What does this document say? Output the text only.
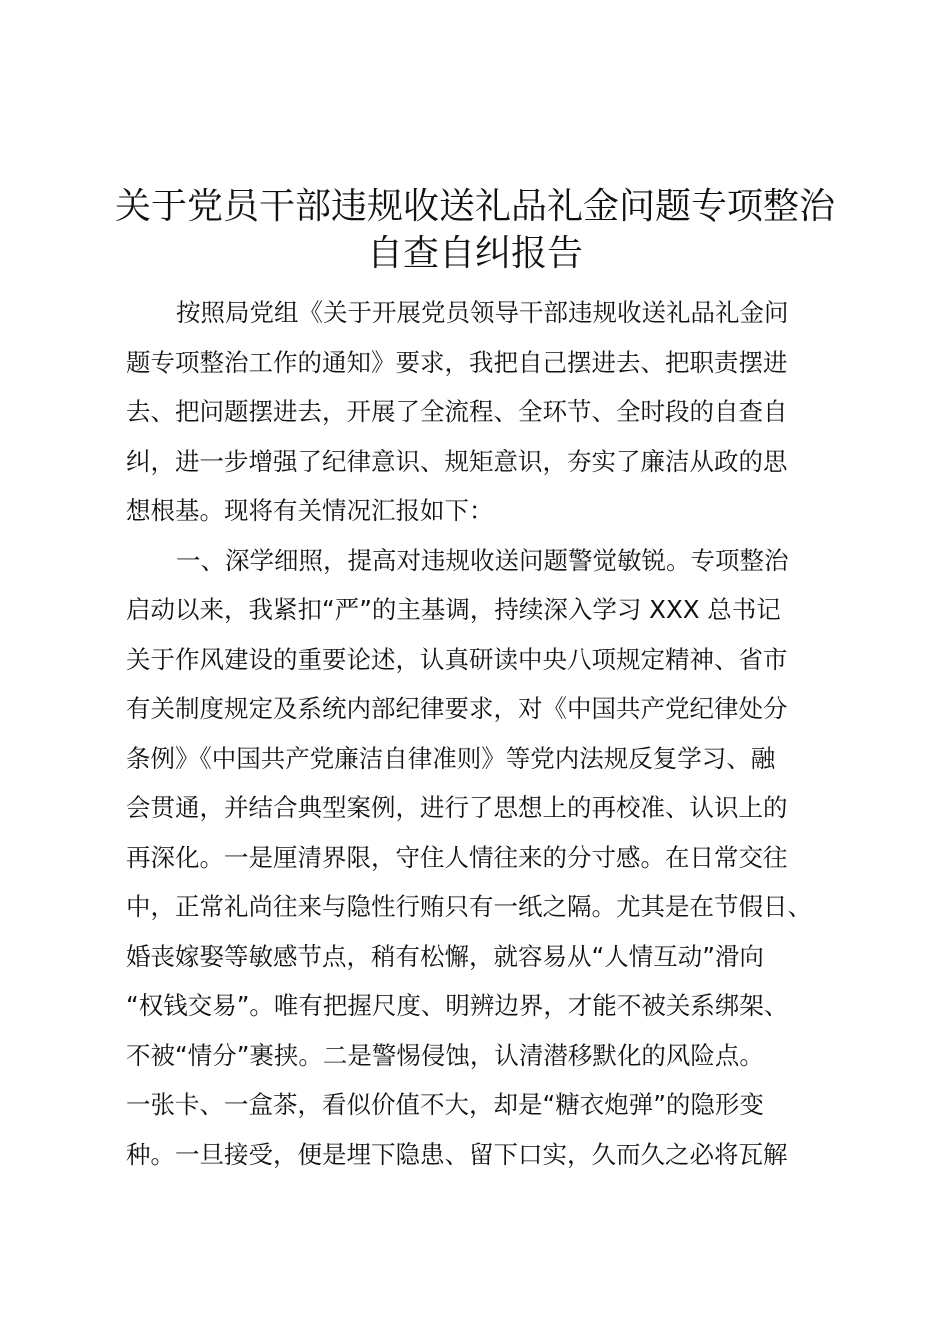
关于党员干部违规收送礼品礼金问题专项整治
自查自纠报告
按照局党组《关于开展党员领导干部违规收送礼品礼金问
题专项整治工作的通知》要求，我把自己摆进去、把职责摆进
去、把问题摆进去，开展了全流程、全环节、全时段的自查自
纠，进一步增强了纪律意识、规矩意识，夯实了廉洁从政的思
想根基。现将有关情况汇报如下：
一、深学细照，提高对违规收送问题警觉敏锐。专项整治
启动以来，我紧扣“严”的主基调，持续深入学习 XXX 总书记
关于作风建设的重要论述，认真研读中央八项规定精神、省市
有关制度规定及系统内部纪律要求，对《中国共产党纪律处分
条例》《中国共产党廉洁自律准则》等党内法规反复学习、融
会贯通，并结合典型案例，进行了思想上的再校准、认识上的
再深化。一是厘清界限，守住人情往来的分寸感。在日常交往
中，正常礼尚往来与隐性行贿只有一纸之隔。尤其是在节假日、
婚丧嫁娶等敏感节点，稍有松懈，就容易从“人情互动”滑向
“权钱交易”。唯有把握尺度、明辨边界，才能不被关系绑架、
不被“情分”裹挟。二是警惕侵蚀，认清潜移默化的风险点。
一张卡、一盒茶，看似价值不大，却是“糖衣炮弹”的隐形变
种。一旦接受，便是埋下隐患、留下口实，久而久之必将瓦解
